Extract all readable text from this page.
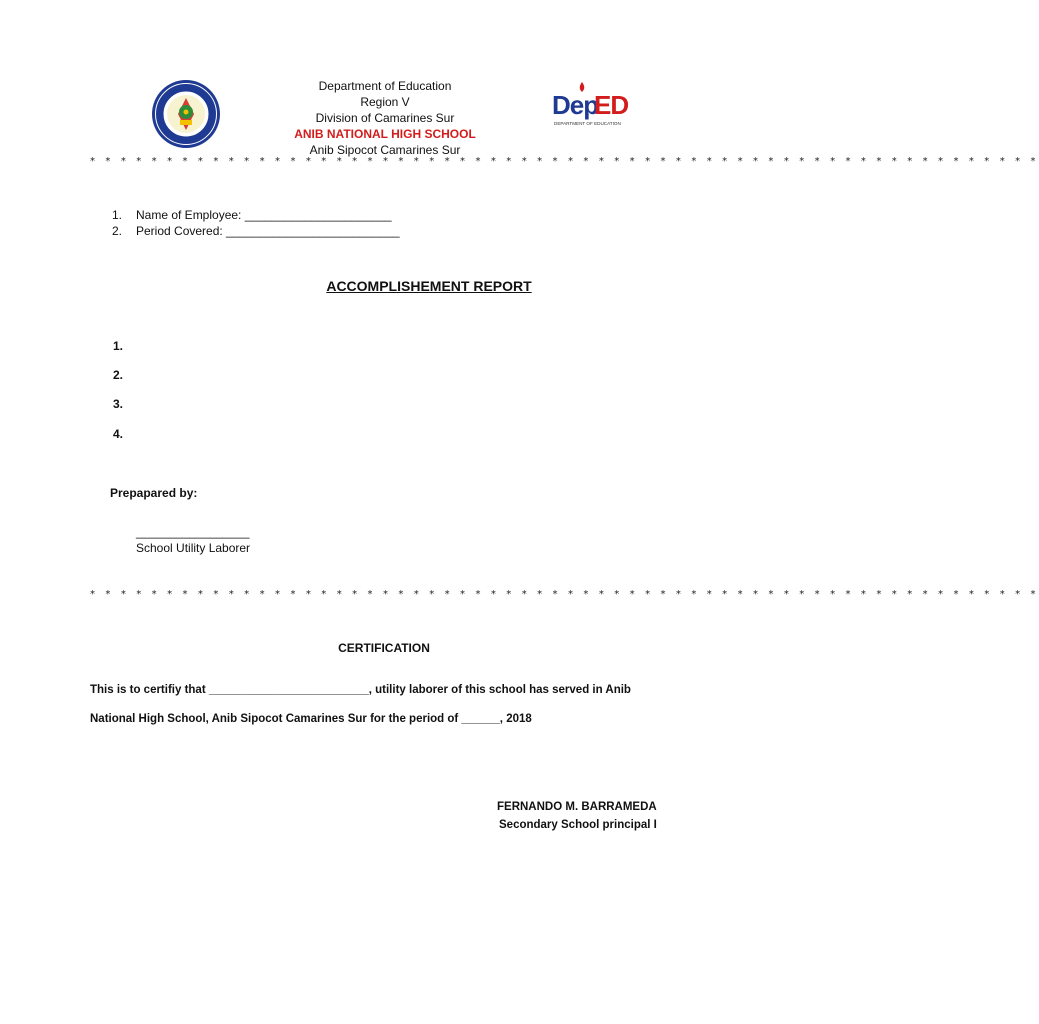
Department of Education
Region V
Division of Camarines Sur
ANIB NATIONAL HIGH SCHOOL
Anib Sipocot Camarines Sur
Dep
ED
DEPARTMENT OF EDUCATION
* * * * * * * * * * * * * * * * * * * * * * * * * * * * * * * * * * * * * * * * * * * * * * * * * * * * * * * * * * * * * *
1. Name of Employee: ______________________
2. Period Covered: __________________________
ACCOMPLISHEMENT REPORT
1.
2.
3.
4.
Prepapared by:
_________________
School Utility Laborer
* * * * * * * * * * * * * * * * * * * * * * * * * * * * * * * * * * * * * * * * * * * * * * * * * * * * * * * * * * * * * *
CERTIFICATION
This is to certifiy that _________________________, utility laborer of this school has served in Anib
National High School, Anib Sipocot Camarines Sur for the period of ______, 2018
FERNANDO M. BARRAMEDA
Secondary School principal I
